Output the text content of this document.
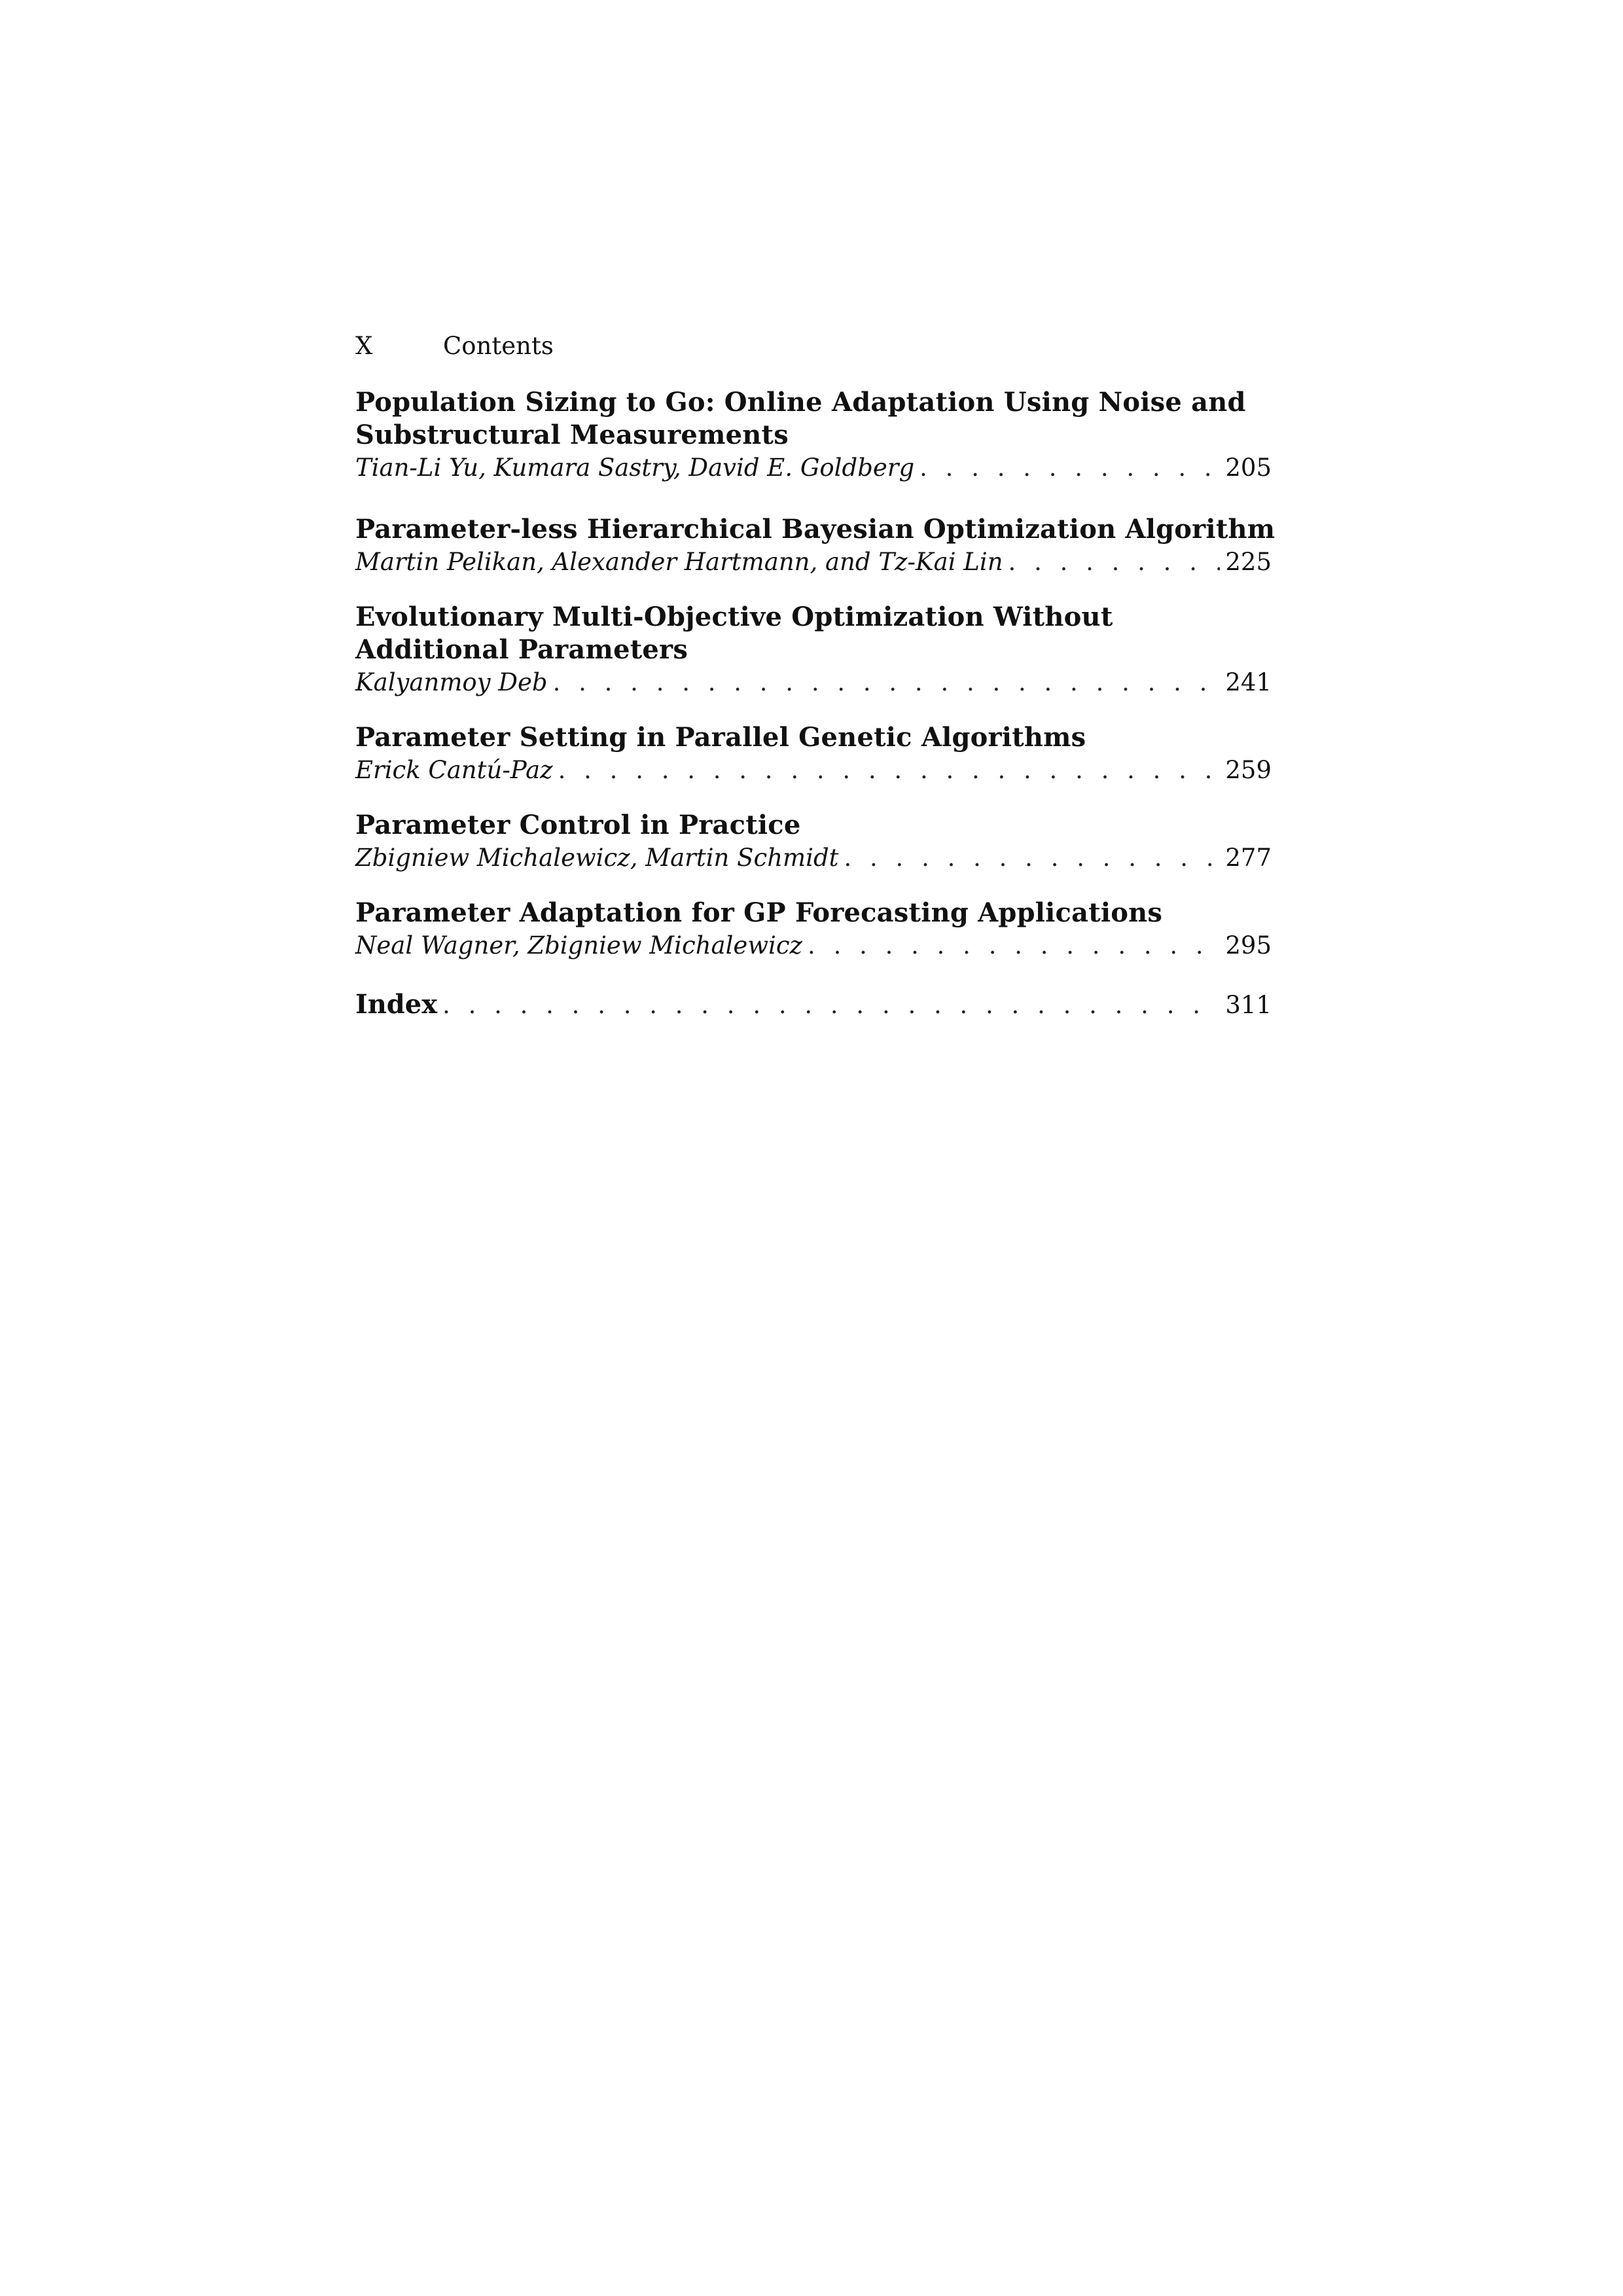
X	Contents
Population Sizing to Go: Online Adaptation Using Noise and
Substructural Measurements
Tian-Li Yu, Kumara Sastry, David E. Goldberg . . .	205
Parameter-less Hierarchical Bayesian Optimization Algorithm
Martin Pelikan, Alexander Hartmann, and Tz-Kai Lin . . .	225
Evolutionary Multi-Objective Optimization Without
Additional Parameters
Kalyanmoy Deb . . .	241
Parameter Setting in Parallel Genetic Algorithms
Erick Cantú-Paz . . .	259
Parameter Control in Practice
Zbigniew Michalewicz, Martin Schmidt . . .	277
Parameter Adaptation for GP Forecasting Applications
Neal Wagner, Zbigniew Michalewicz . . .	295
Index . . .	311
